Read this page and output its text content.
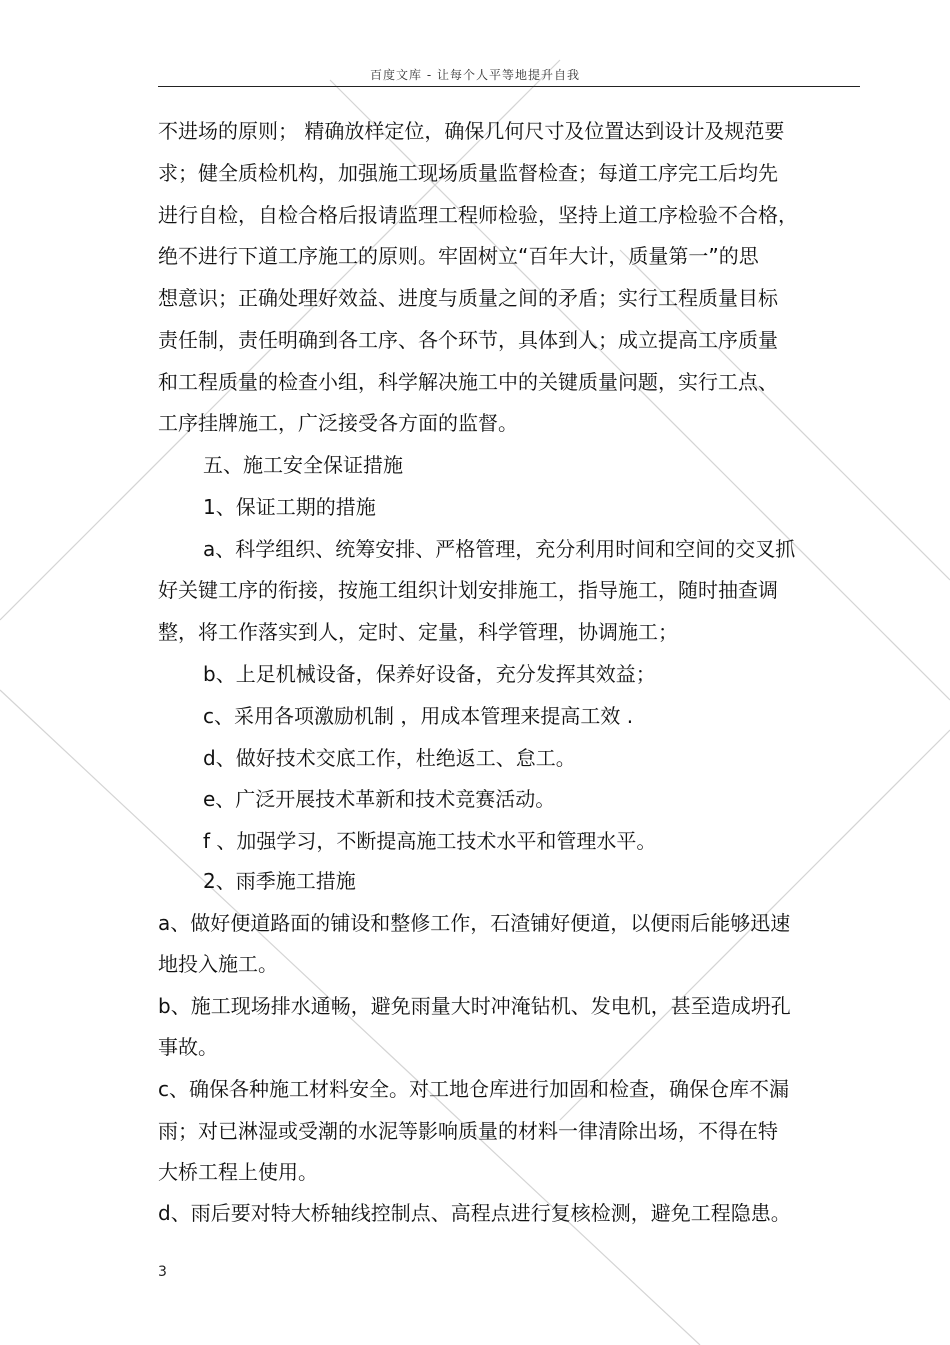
百度文库 - 让每个人平等地提升自我
不进场的原则； 精确放样定位，确保几何尺寸及位置达到设计及规范要
求；健全质检机构，加强施工现场质量监督检查；每道工序完工后均先
进行自检，自检合格后报请监理工程师检验，坚持上道工序检验不合格，
绝不进行下道工序施工的原则。牢固树立“百年大计，质量第一”的思
想意识；正确处理好效益、进度与质量之间的矛盾；实行工程质量目标
责任制，责任明确到各工序、各个环节，具体到人；成立提高工序质量
和工程质量的检查小组，科学解决施工中的关键质量问题，实行工点、
工序挂牌施工，广泛接受各方面的监督。
五、施工安全保证措施
1、保证工期的措施
a、科学组织、统筹安排、严格管理，充分利用时间和空间的交叉抓
好关键工序的衔接，按施工组织计划安排施工，指导施工，随时抽查调
整，将工作落实到人，定时、定量，科学管理，协调施工；
b、上足机械设备，保养好设备，充分发挥其效益；
c、采用各项激励机制 ，用成本管理来提高工效 .
d、做好技术交底工作，杜绝返工、怠工。
e、广泛开展技术革新和技术竞赛活动。
f 、加强学习，不断提高施工技术水平和管理水平。
2、雨季施工措施
a、做好便道路面的铺设和整修工作，石渣铺好便道，以便雨后能够迅速
地投入施工。
b、施工现场排水通畅，避免雨量大时冲淹钻机、发电机，甚至造成坍孔
事故。
c、确保各种施工材料安全。对工地仓库进行加固和检查，确保仓库不漏
雨；对已淋湿或受潮的水泥等影响质量的材料一律清除出场，不得在特
大桥工程上使用。
d、雨后要对特大桥轴线控制点、高程点进行复核检测，避免工程隐患。
3
